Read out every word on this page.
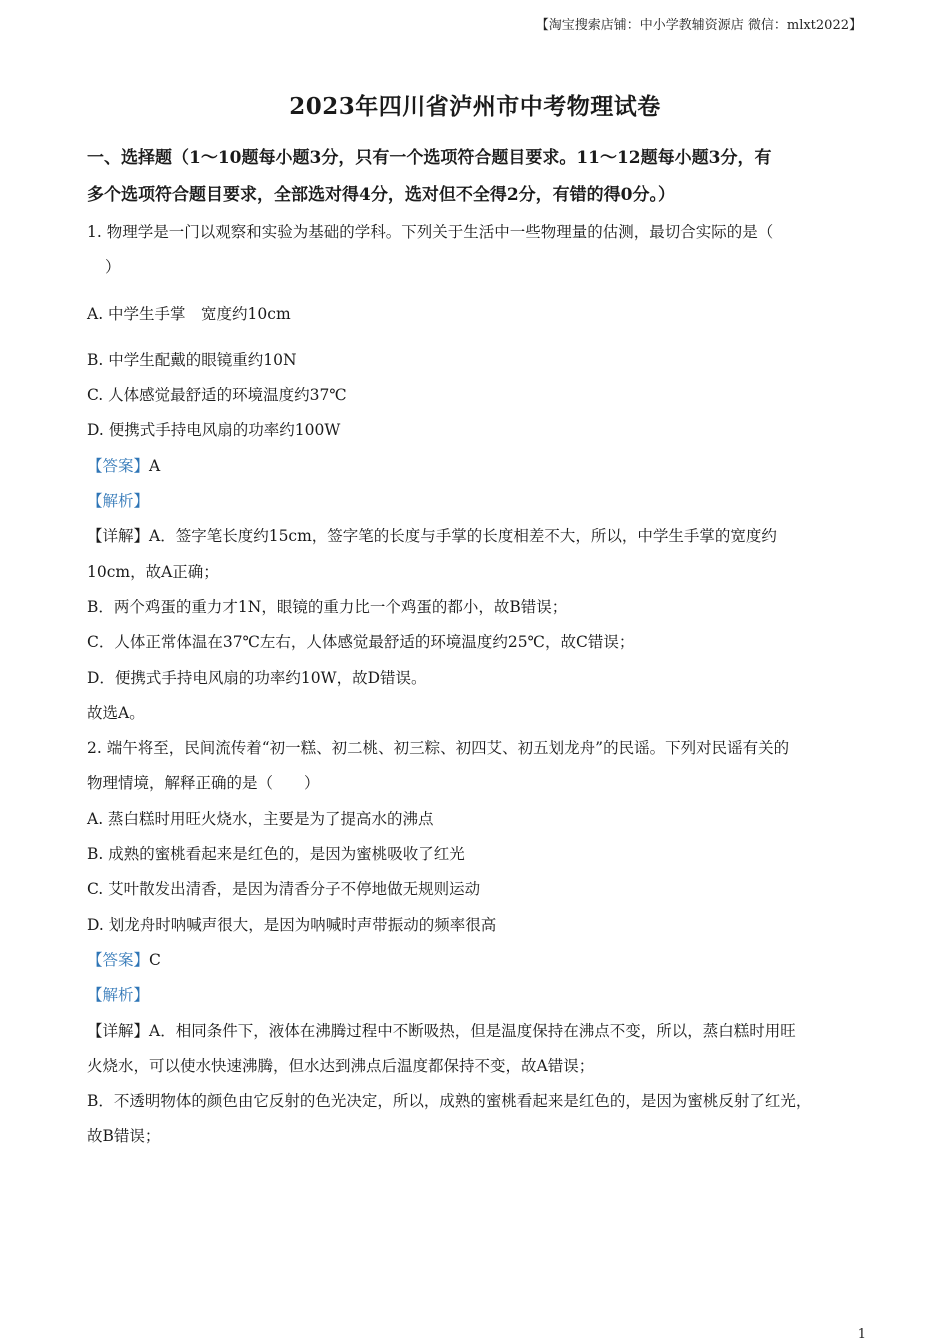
【淘宝搜索店铺：中小学教辅资源店 微信：mlxt2022】
2023年四川省泸州市中考物理试卷
一、选择题（1～10题每小题3分，只有一个选项符合题目要求。11～12题每小题3分，有
多个选项符合题目要求，全部选对得4分，选对但不全得2分，有错的得0分。）
1. 物理学是一门以观察和实验为基础的学科。下列关于生活中一些物理量的估测，最切合实际的是（
）
A. 中学生手掌　宽度约10cm
B. 中学生配戴的眼镜重约10N
C. 人体感觉最舒适的环境温度约37℃
D. 便携式手持电风扇的功率约100W
【答案】A
【解析】
【详解】A．签字笔长度约15cm，签字笔的长度与手掌的长度相差不大，所以，中学生手掌的宽度约
10cm，故A正确；
B．两个鸡蛋的重力才1N，眼镜的重力比一个鸡蛋的都小，故B错误；
C．人体正常体温在37℃左右，人体感觉最舒适的环境温度约25℃，故C错误；
D．便携式手持电风扇的功率约10W，故D错误。
故选A。
2. 端午将至，民间流传着“初一糕、初二桃、初三粽、初四艾、初五划龙舟”的民谣。下列对民谣有关的
物理情境，解释正确的是（　　）
A. 蒸白糕时用旺火烧水，主要是为了提高水的沸点
B. 成熟的蜜桃看起来是红色的，是因为蜜桃吸收了红光
C. 艾叶散发出清香，是因为清香分子不停地做无规则运动
D. 划龙舟时呐喊声很大，是因为呐喊时声带振动的频率很高
【答案】C
【解析】
【详解】A．相同条件下，液体在沸腾过程中不断吸热，但是温度保持在沸点不变，所以，蒸白糕时用旺
火烧水，可以使水快速沸腾，但水达到沸点后温度都保持不变，故A错误；
B．不透明物体的颜色由它反射的色光决定，所以，成熟的蜜桃看起来是红色的，是因为蜜桃反射了红光，
故B错误；
1
